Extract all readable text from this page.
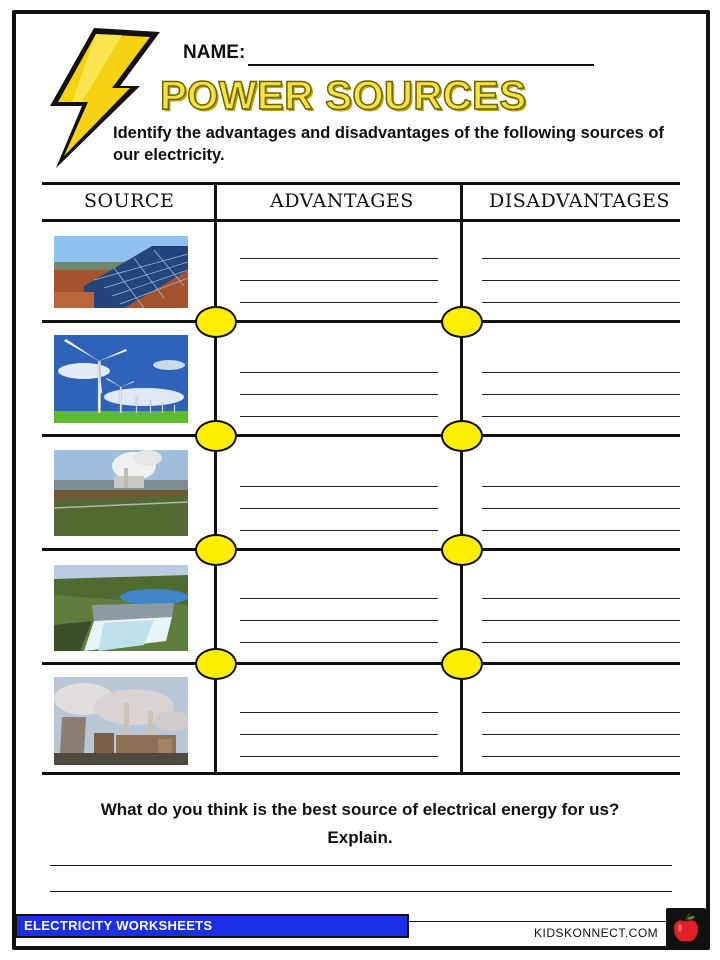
NAME:
POWER SOURCES
Identify the advantages and disadvantages of the following sources of our electricity.
SOURCE	ADVANTAGES	DISADVANTAGES
What do you think is the best source of electrical energy for us?
Explain.
ELECTRICITY WORKSHEETS	KIDSKONNECT.COM
